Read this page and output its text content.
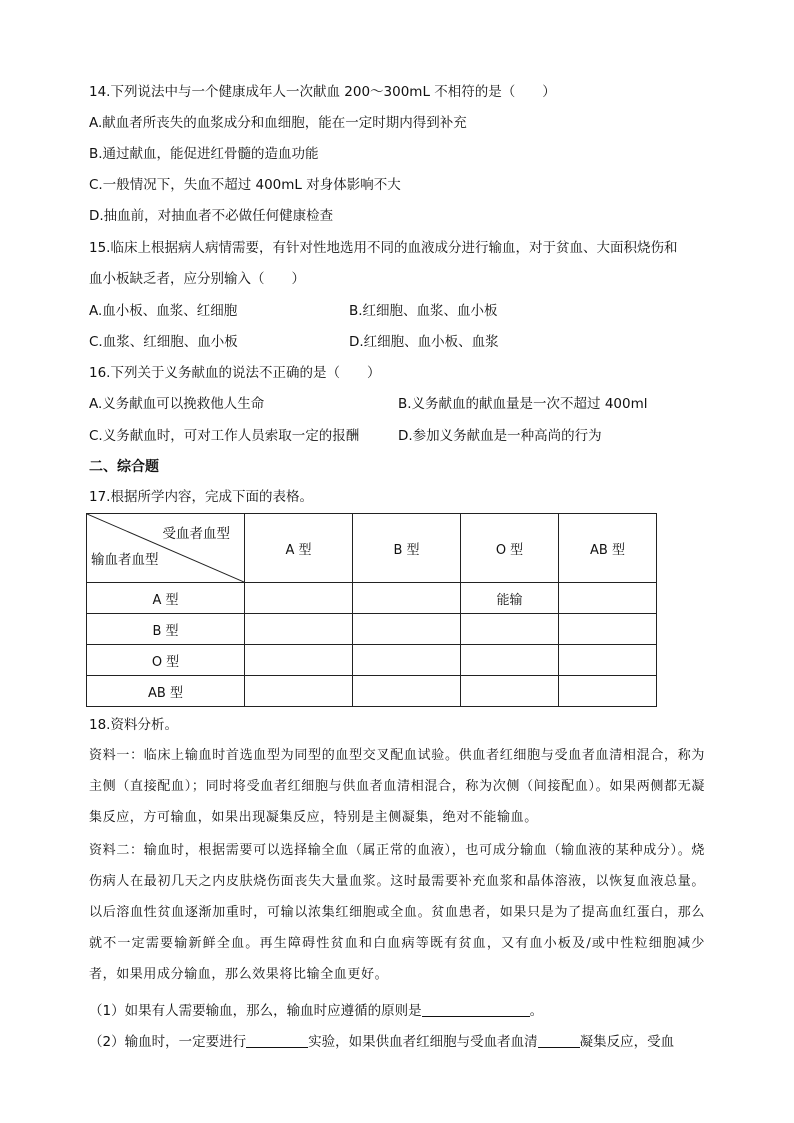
14.下列说法中与一个健康成年人一次献血 200～300mL 不相符的是（　　）
A.献血者所丧失的血浆成分和血细胞，能在一定时期内得到补充
B.通过献血，能促进红骨髓的造血功能
C.一般情况下，失血不超过 400mL 对身体影响不大
D.抽血前，对抽血者不必做任何健康检查
15.临床上根据病人病情需要，有针对性地选用不同的血液成分进行输血，对于贫血、大面积烧伤和
血小板缺乏者，应分别输入（　　）
A.血小板、血浆、红细胞	B.红细胞、血浆、血小板
C.血浆、红细胞、血小板	D.红细胞、血小板、血浆
16.下列关于义务献血的说法不正确的是（　　）
A.义务献血可以挽救他人生命	B.义务献血的献血量是一次不超过 400ml
C.义务献血时，可对工作人员索取一定的报酬	D.参加义务献血是一种高尚的行为
二、综合题
17.根据所学内容，完成下面的表格。
受血者血型
输血者血型	A 型	B 型	O 型	AB 型
A 型			能输	
B 型				
O 型				
AB 型				
18.资料分析。
资料一：临床上输血时首选血型为同型的血型交叉配血试验。供血者红细胞与受血者血清相混合，称为主侧（直接配血）；同时将受血者红细胞与供血者血清相混合，称为次侧（间接配血）。如果两侧都无凝集反应，方可输血，如果出现凝集反应，特别是主侧凝集，绝对不能输血。
资料二：输血时，根据需要可以选择输全血（属正常的血液），也可成分输血（输血液的某种成分）。烧伤病人在最初几天之内皮肤烧伤面丧失大量血浆。这时最需要补充血浆和晶体溶液，以恢复血液总量。以后溶血性贫血逐渐加重时，可输以浓集红细胞或全血。贫血患者，如果只是为了提高血红蛋白，那么就不一定需要输新鲜全血。再生障碍性贫血和白血病等既有贫血，又有血小板及/或中性粒细胞减少者，如果用成分输血，那么效果将比输全血更好。
（1）如果有人需要输血，那么，输血时应遵循的原则是	。
（2）输血时，一定要进行	实验，如果供血者红细胞与受血者血清	凝集反应，受血
